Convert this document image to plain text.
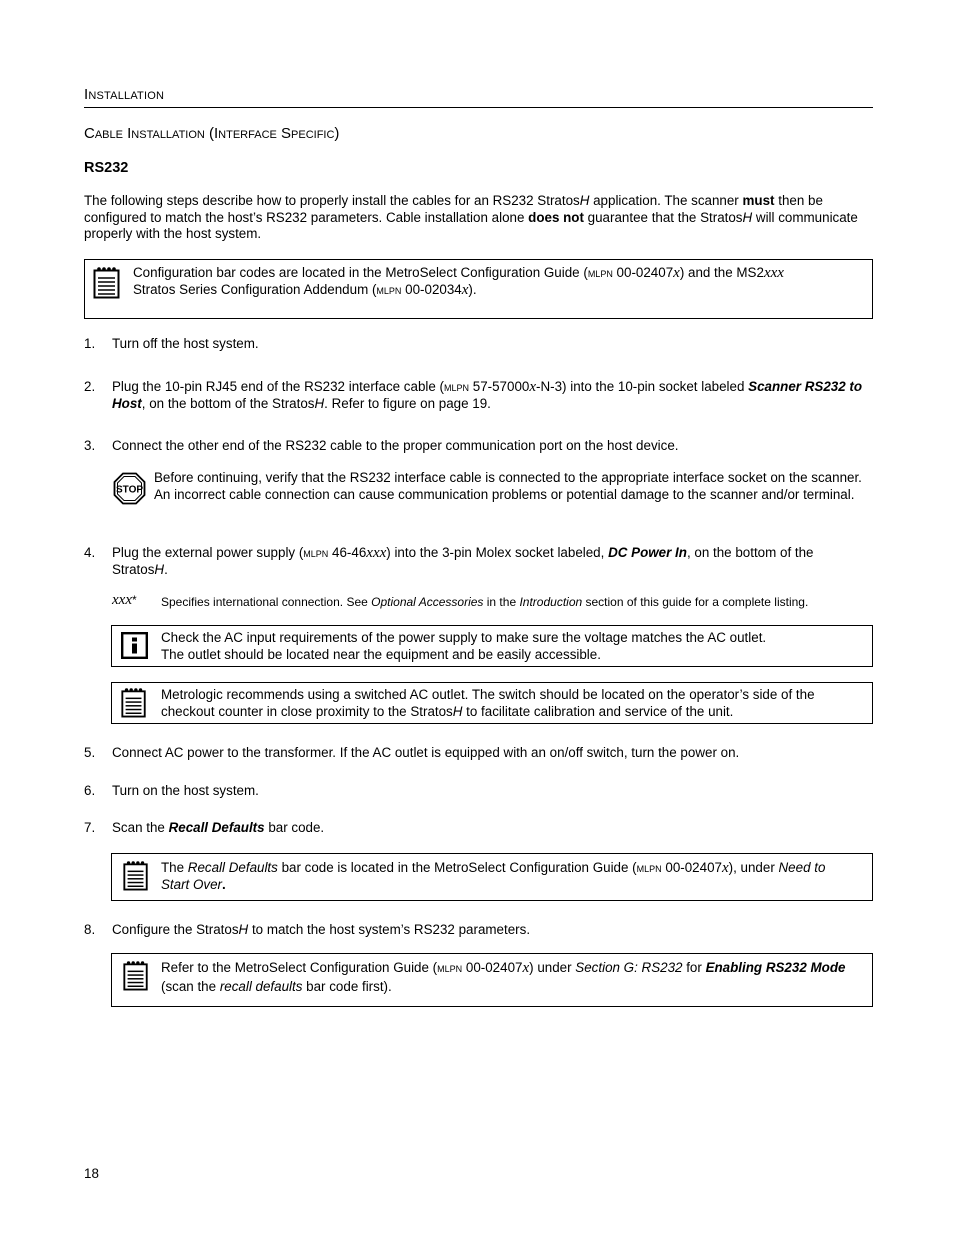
Installation
Cable Installation (Interface Specific)
RS232
The following steps describe how to properly install the cables for an RS232 StratosH application. The scanner must then be configured to match the host’s RS232 parameters. Cable installation alone does not guarantee that the StratosH will communicate properly with the host system.
Configuration bar codes are located in the MetroSelect Configuration Guide (mlpn 00-02407x) and the MS2xxx Stratos Series Configuration Addendum (mlpn 00-02034x).
1. Turn off the host system.
2. Plug the 10-pin RJ45 end of the RS232 interface cable (mlpn 57-57000x-N-3) into the 10-pin socket labeled Scanner RS232 to Host, on the bottom of the StratosH. Refer to figure on page 19.
3. Connect the other end of the RS232 cable to the proper communication port on the host device.
STOP
Before continuing, verify that the RS232 interface cable is connected to the appropriate interface socket on the scanner. An incorrect cable connection can cause communication problems or potential damage to the scanner and/or terminal.
4. Plug the external power supply (mlpn 46-46xxx) into the 3-pin Molex socket labeled, DC Power In, on the bottom of the StratosH.
xxx* Specifies international connection. See Optional Accessories in the Introduction section of this guide for a complete listing.
i
Check the AC input requirements of the power supply to make sure the voltage matches the AC outlet.
The outlet should be located near the equipment and be easily accessible.
Metrologic recommends using a switched AC outlet. The switch should be located on the operator’s side of the checkout counter in close proximity to the StratosH to facilitate calibration and service of the unit.
5. Connect AC power to the transformer. If the AC outlet is equipped with an on/off switch, turn the power on.
6. Turn on the host system.
7. Scan the Recall Defaults bar code.
The Recall Defaults bar code is located in the MetroSelect Configuration Guide (mlpn 00-02407x), under Need to Start Over.
8. Configure the StratosH to match the host system’s RS232 parameters.
Refer to the MetroSelect Configuration Guide (mlpn 00-02407x) under Section G: RS232 for Enabling RS232 Mode (scan the recall defaults bar code first).
18
